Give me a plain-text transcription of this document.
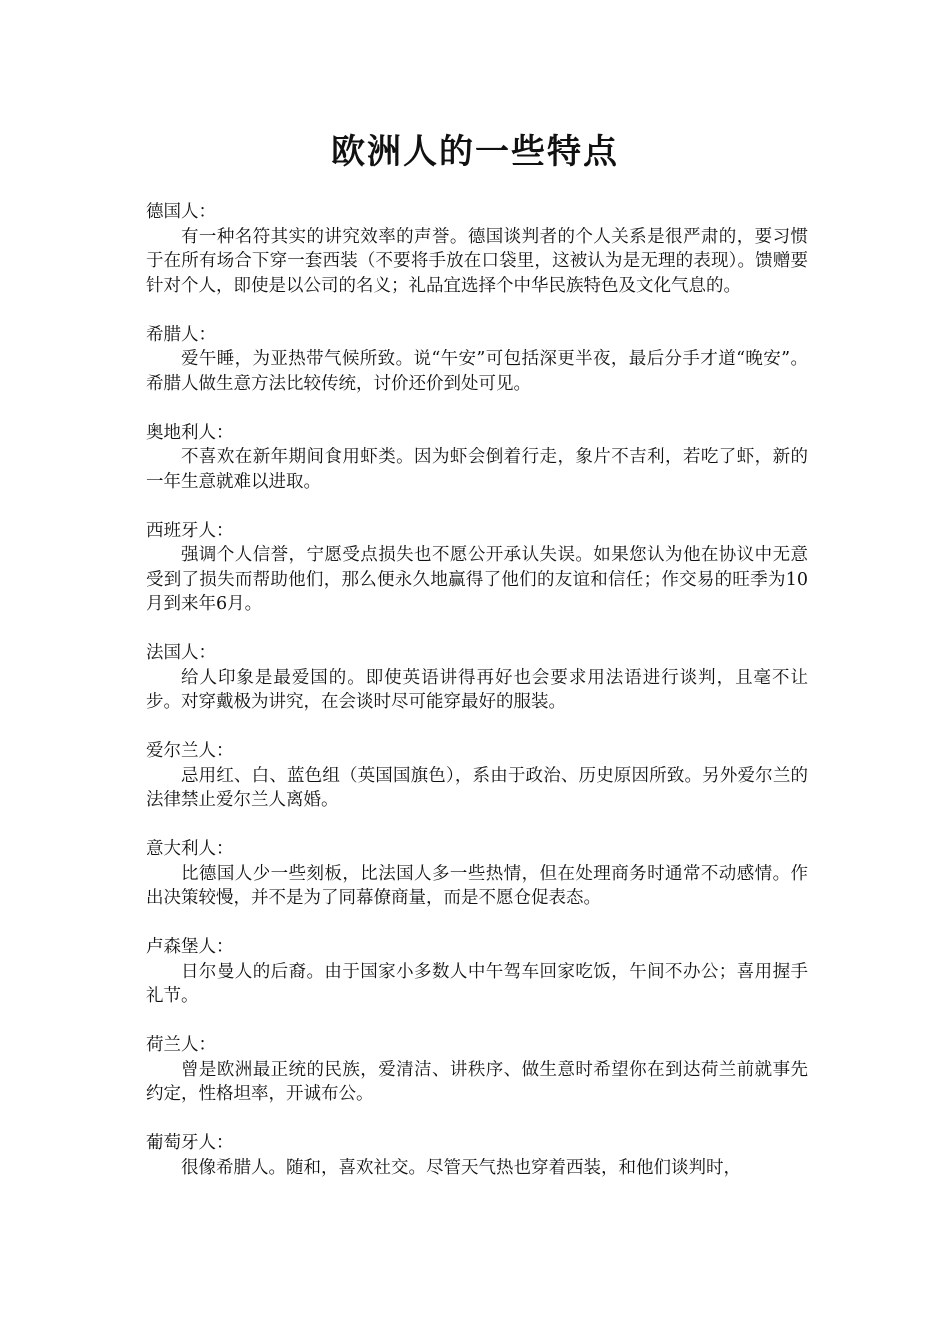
欧洲人的一些特点

德国人：

有一种名符其实的讲究效率的声誉。德国谈判者的个人关系是很严肃的，要习惯于在所有场合下穿一套西装（不要将手放在口袋里，这被认为是无理的表现）。馈赠要针对个人，即使是以公司的名义；礼品宜选择个中华民族特色及文化气息的。

希腊人：

爱午睡，为亚热带气候所致。说“午安”可包括深更半夜，最后分手才道“晚安”。希腊人做生意方法比较传统，讨价还价到处可见。

奥地利人：

不喜欢在新年期间食用虾类。因为虾会倒着行走，象片不吉利，若吃了虾，新的一年生意就难以进取。

西班牙人：

强调个人信誉，宁愿受点损失也不愿公开承认失误。如果您认为他在协议中无意受到了损失而帮助他们，那么便永久地赢得了他们的友谊和信任；作交易的旺季为10月到来年6月。

法国人：

给人印象是最爱国的。即使英语讲得再好也会要求用法语进行谈判，且毫不让步。对穿戴极为讲究，在会谈时尽可能穿最好的服装。

爱尔兰人：

忌用红、白、蓝色组（英国国旗色），系由于政治、历史原因所致。另外爱尔兰的法律禁止爱尔兰人离婚。

意大利人：

比德国人少一些刻板，比法国人多一些热情，但在处理商务时通常不动感情。作出决策较慢，并不是为了同幕僚商量，而是不愿仓促表态。

卢森堡人：

日尔曼人的后裔。由于国家小多数人中午驾车回家吃饭，午间不办公；喜用握手礼节。

荷兰人：

曾是欧洲最正统的民族，爱清洁、讲秩序、做生意时希望你在到达荷兰前就事先约定，性格坦率，开诚布公。

葡萄牙人：

很像希腊人。随和，喜欢社交。尽管天气热也穿着西装，和他们谈判时，
